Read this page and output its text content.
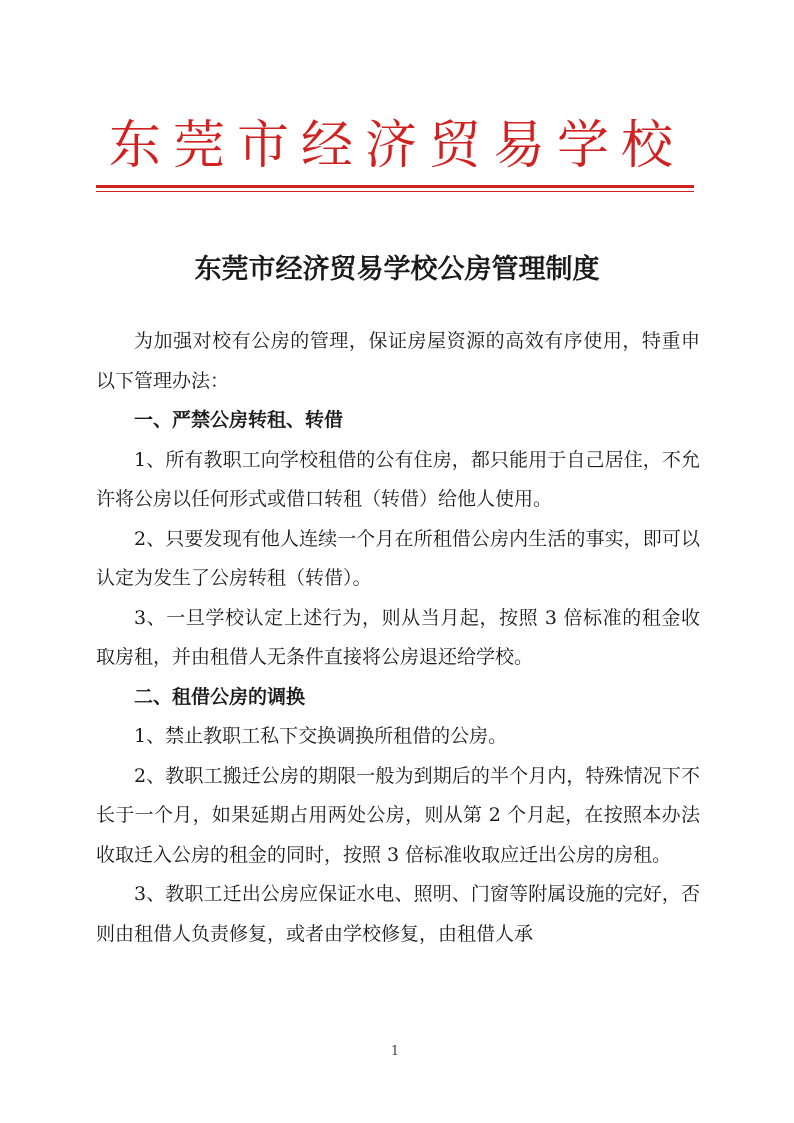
东莞市经济贸易学校
东莞市经济贸易学校公房管理制度

为加强对校有公房的管理，保证房屋资源的高效有序使用，特重申以下管理办法：

一、严禁公房转租、转借

1、所有教职工向学校租借的公有住房，都只能用于自己居住，不允许将公房以任何形式或借口转租（转借）给他人使用。

2、只要发现有他人连续一个月在所租借公房内生活的事实，即可以认定为发生了公房转租（转借）。

3、一旦学校认定上述行为，则从当月起，按照 3 倍标准的租金收取房租，并由租借人无条件直接将公房退还给学校。

二、租借公房的调换

1、禁止教职工私下交换调换所租借的公房。

2、教职工搬迁公房的期限一般为到期后的半个月内，特殊情况下不长于一个月，如果延期占用两处公房，则从第 2 个月起，在按照本办法收取迁入公房的租金的同时，按照 3 倍标准收取应迁出公房的房租。

3、教职工迁出公房应保证水电、照明、门窗等附属设施的完好，否则由租借人负责修复，或者由学校修复，由租借人承

1
